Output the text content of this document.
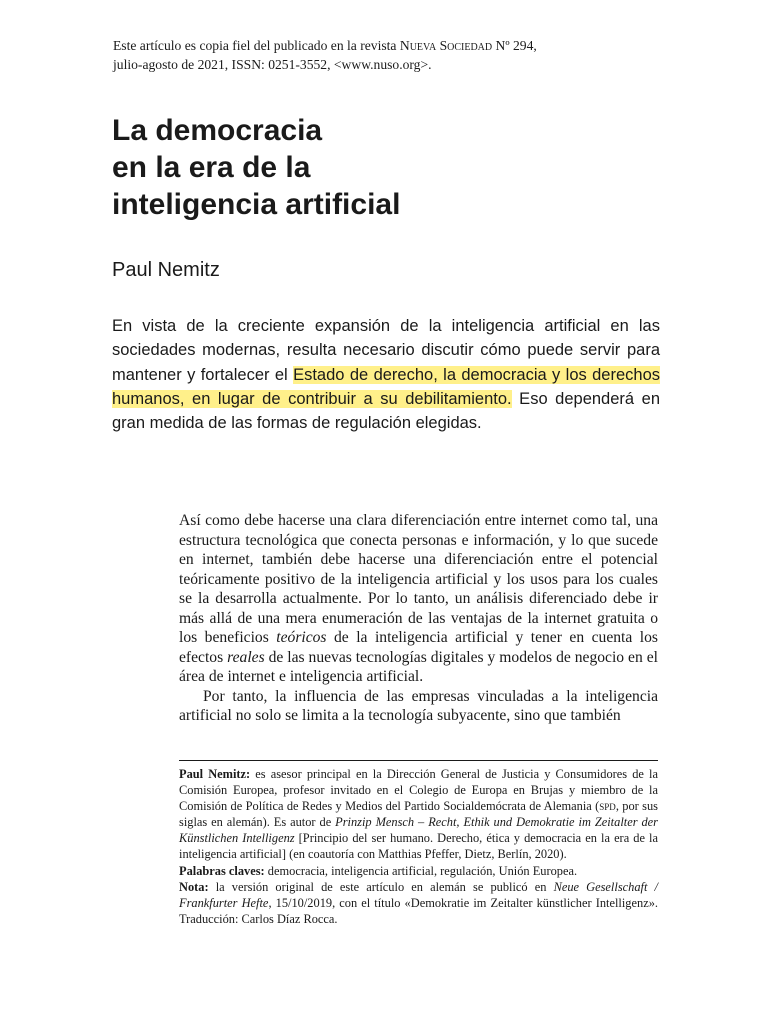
Este artículo es copia fiel del publicado en la revista Nueva Sociedad Nº 294,
julio-agosto de 2021, ISSN: 0251-3552, <www.nuso.org>.
La democracia
en la era de la
inteligencia artificial
Paul Nemitz

En vista de la creciente expansión de la inteligencia artificial en las sociedades modernas, resulta necesario discutir cómo puede servir para mantener y fortalecer el Estado de derecho, la democracia y los derechos humanos, en lugar de contribuir a su debilitamiento. Eso dependerá en gran medida de las formas de regulación elegidas.

Así como debe hacerse una clara diferenciación entre internet como tal, una estructura tecnológica que conecta personas e información, y lo que sucede en internet, también debe hacerse una diferenciación entre el potencial teóricamente positivo de la inteligencia artificial y los usos para los cuales se la desarrolla actualmente. Por lo tanto, un análisis diferenciado debe ir más allá de una mera enumeración de las ventajas de la internet gratuita o los beneficios teóricos de la inteligencia artificial y tener en cuenta los efectos reales de las nuevas tecnologías digitales y modelos de negocio en el área de internet e inteligencia artificial.

Por tanto, la influencia de las empresas vinculadas a la inteligencia artificial no solo se limita a la tecnología subyacente, sino que también

Paul Nemitz: es asesor principal en la Dirección General de Justicia y Consumidores de la Comisión Europea, profesor invitado en el Colegio de Europa en Brujas y miembro de la Comisión de Política de Redes y Medios del Partido Socialdemócrata de Alemania (spd, por sus siglas en alemán). Es autor de Prinzip Mensch – Recht, Ethik und Demokratie im Zeitalter der Künstlichen Intelligenz [Principio del ser humano. Derecho, ética y democracia en la era de la inteligencia artificial] (en coautoría con Matthias Pfeffer, Dietz, Berlín, 2020).

Palabras claves: democracia, inteligencia artificial, regulación, Unión Europea.

Nota: la versión original de este artículo en alemán se publicó en Neue Gesellschaft / Frankfurter Hefte, 15/10/2019, con el título «Demokratie im Zeitalter künstlicher Intelligenz». Traducción: Carlos Díaz Rocca.
